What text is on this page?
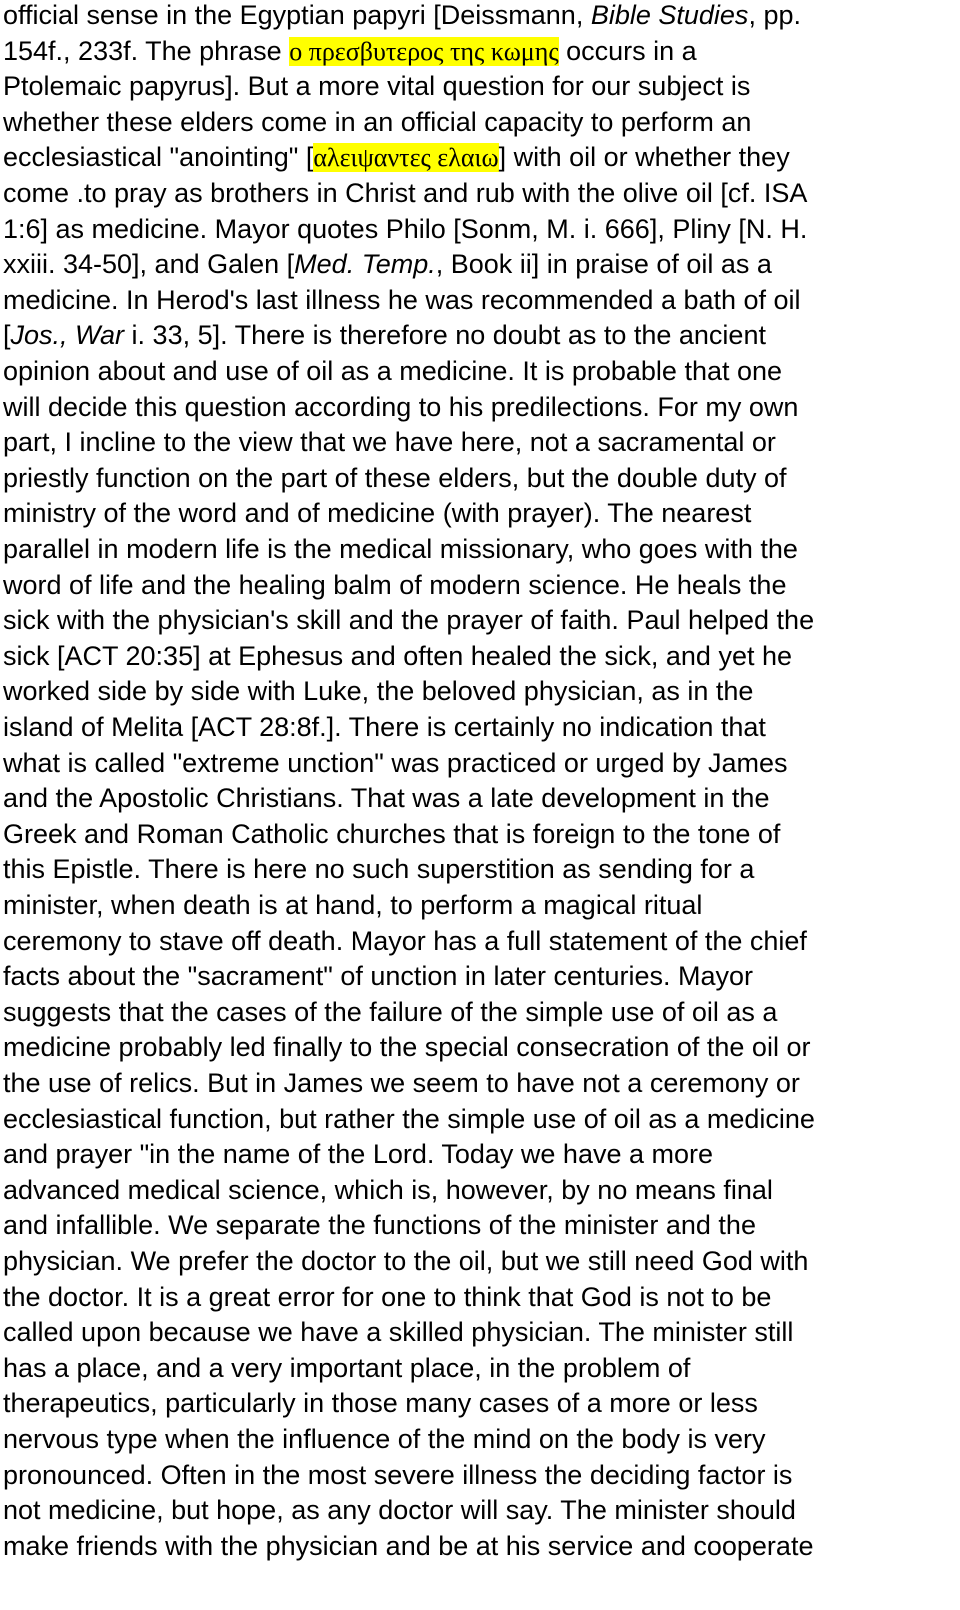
official sense in the Egyptian papyri [Deissmann, Bible Studies, pp.
154f., 233f. The phrase ο πρεσβυτερος της κωμης occurs in a
Ptolemaic papyrus]. But a more vital question for our subject is
whether these elders come in an official capacity to perform an
ecclesiastical "anointing" [αλειψαντες ελαιω] with oil or whether they
come .to pray as brothers in Christ and rub with the olive oil [cf. ISA
1:6] as medicine. Mayor quotes Philo [Sonm, M. i. 666], Pliny [N. H.
xxiii. 34-50], and Galen [Med. Temp., Book ii] in praise of oil as a
medicine. In Herod's last illness he was recommended a bath of oil
[Jos., War i. 33, 5]. There is therefore no doubt as to the ancient
opinion about and use of oil as a medicine. It is probable that one
will decide this question according to his predilections. For my own
part, I incline to the view that we have here, not a sacramental or
priestly function on the part of these elders, but the double duty of
ministry of the word and of medicine (with prayer). The nearest
parallel in modern life is the medical missionary, who goes with the
word of life and the healing balm of modern science. He heals the
sick with the physician's skill and the prayer of faith. Paul helped the
sick [ACT 20:35] at Ephesus and often healed the sick, and yet he
worked side by side with Luke, the beloved physician, as in the
island of Melita [ACT 28:8f.]. There is certainly no indication that
what is called "extreme unction" was practiced or urged by James
and the Apostolic Christians. That was a late development in the
Greek and Roman Catholic churches that is foreign to the tone of
this Epistle. There is here no such superstition as sending for a
minister, when death is at hand, to perform a magical ritual
ceremony to stave off death. Mayor has a full statement of the chief
facts about the "sacrament" of unction in later centuries. Mayor
suggests that the cases of the failure of the simple use of oil as a
medicine probably led finally to the special consecration of the oil or
the use of relics. But in James we seem to have not a ceremony or
ecclesiastical function, but rather the simple use of oil as a medicine
and prayer "in the name of the Lord. Today we have a more
advanced medical science, which is, however, by no means final
and infallible. We separate the functions of the minister and the
physician. We prefer the doctor to the oil, but we still need God with
the doctor. It is a great error for one to think that God is not to be
called upon because we have a skilled physician. The minister still
has a place, and a very important place, in the problem of
therapeutics, particularly in those many cases of a more or less
nervous type when the influence of the mind on the body is very
pronounced. Often in the most severe illness the deciding factor is
not medicine, but hope, as any doctor will say. The minister should
make friends with the physician and be at his service and cooperate
